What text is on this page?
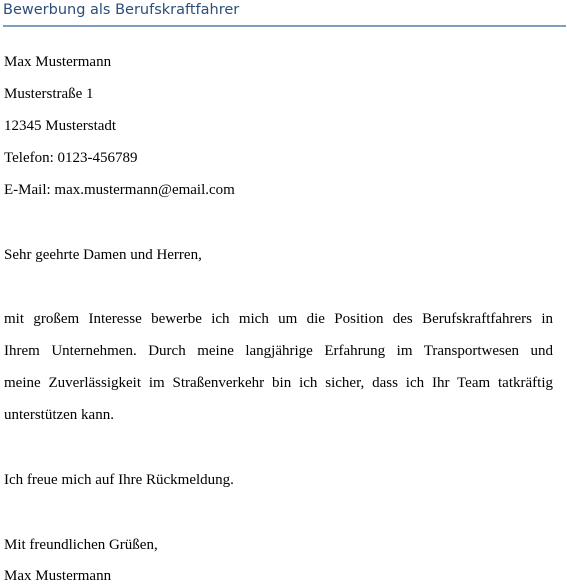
Bewerbung als Berufskraftfahrer
Max Mustermann
Musterstraße 1
12345 Musterstadt
Telefon: 0123-456789
E-Mail: max.mustermann@email.com
Sehr geehrte Damen und Herren,
mit großem Interesse bewerbe ich mich um die Position des Berufskraftfahrers in
Ihrem Unternehmen. Durch meine langjährige Erfahrung im Transportwesen und
meine Zuverlässigkeit im Straßenverkehr bin ich sicher, dass ich Ihr Team tatkräftig
unterstützen kann.
Ich freue mich auf Ihre Rückmeldung.
Mit freundlichen Grüßen,
Max Mustermann
